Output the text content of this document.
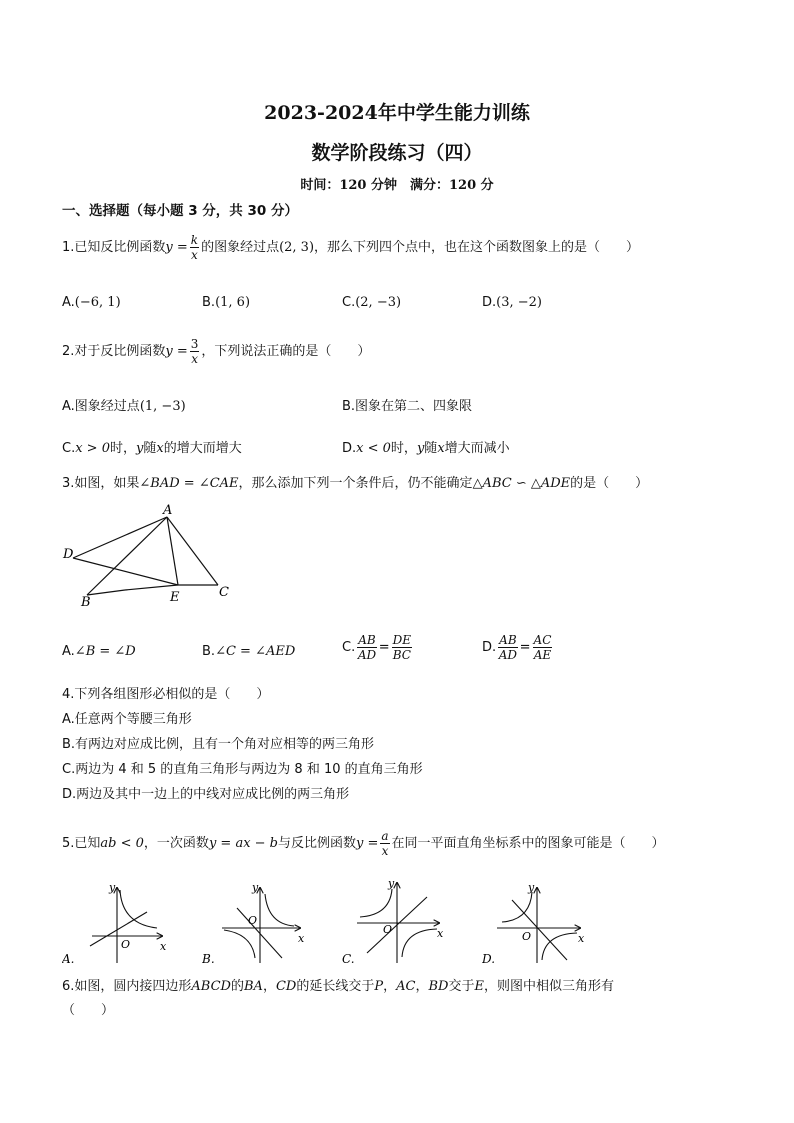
2023-2024年中学生能力训练
数学阶段练习（四）
时间：120 分钟　满分：120 分
一、选择题（每小题 3 分，共 30 分）
1.已知反比例函数$y = \frac{k}{x}$ 的图象经过点(2, 3)，那么下列四个点中，也在这个函数图象上的是（　　）
A.(−6, 1)	B.(1, 6)	C.(2, −3)	D.(3, −2)
2.对于反比例函数$y = \frac{3}{x}$ ，下列说法正确的是（　　）
A.图象经过点(1, −3)	B.图象在第二、四象限
C.x > 0时，y随x的增大而增大	D.x < 0时，y随x增大而减小
3.如图，如果∠BAD = ∠CAE，那么添加下列一个条件后，仍不能确定△ABC ∽ △ADE的是（　　）
A
D
B	E	C
A.∠B = ∠D	B.∠C = ∠AED	C. $\frac{AB}{AD} = \frac{DE}{BC}$	D. $\frac{AB}{AD} = \frac{AC}{AE}$
4.下列各组图形必相似的是（　　）
A.任意两个等腰三角形
B.有两边对应成比例，且有一个角对应相等的两三角形
C.两边为 4 和 5 的直角三角形与两边为 8 和 10 的直角三角形
D.两边及其中一边上的中线对应成比例的两三角形
5.已知ab < 0，一次函数y = ax − b与反比例函数$y = \frac{a}{x}$ 在同一平面直角坐标系中的图象可能是（　　）
y
x
O
A.
y
x
O
B.
y
x
O
C.
y
x
O
D.
6.如图，圆内接四边形ABCD的BA，CD的延长线交于P，AC，BD交于E，则图中相似三角形有
（　　）
